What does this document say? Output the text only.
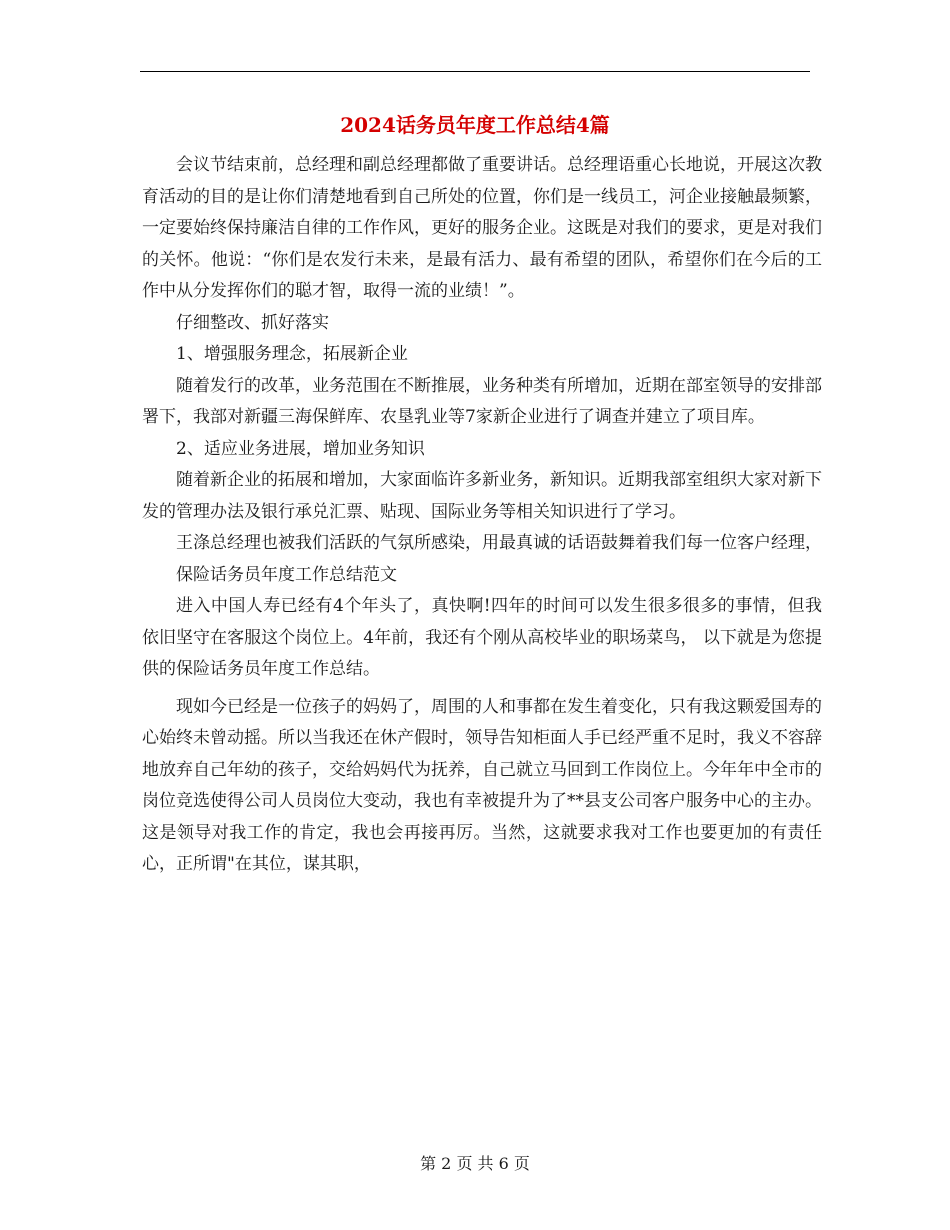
2024话务员年度工作总结4篇

会议节结束前，总经理和副总经理都做了重要讲话。总经理语重心长地说，开展这次教育活动的目的是让你们清楚地看到自己所处的位置，你们是一线员工，河企业接触最频繁，一定要始终保持廉洁自律的工作作风，更好的服务企业。这既是对我们的要求，更是对我们的关怀。他说：“你们是农发行未来，是最有活力、最有希望的团队，希望你们在今后的工作中从分发挥你们的聪才智，取得一流的业绩！”。

仔细整改、抓好落实

1、增强服务理念，拓展新企业

随着发行的改革，业务范围在不断推展，业务种类有所增加，近期在部室领导的安排部署下，我部对新疆三海保鲜库、农垦乳业等7家新企业进行了调查并建立了项目库。

2、适应业务进展，增加业务知识

随着新企业的拓展和增加，大家面临许多新业务，新知识。近期我部室组织大家对新下发的管理办法及银行承兑汇票、贴现、国际业务等相关知识进行了学习。

王涤总经理也被我们活跃的气氛所感染，用最真诚的话语鼓舞着我们每一位客户经理，

保险话务员年度工作总结范文

进入中国人寿已经有4个年头了，真快啊!四年的时间可以发生很多很多的事情，但我依旧坚守在客服这个岗位上。4年前，我还有个刚从高校毕业的职场菜鸟， 以下就是为您提供的保险话务员年度工作总结。

现如今已经是一位孩子的妈妈了，周围的人和事都在发生着变化，只有我这颗爱国寿的心始终未曾动摇。所以当我还在休产假时，领导告知柜面人手已经严重不足时，我义不容辞地放弃自己年幼的孩子，交给妈妈代为抚养，自己就立马回到工作岗位上。今年年中全市的岗位竞选使得公司人员岗位大变动，我也有幸被提升为了**县支公司客户服务中心的主办。这是领导对我工作的肯定，我也会再接再厉。当然，这就要求我对工作也要更加的有责任心，正所谓"在其位，谋其职，

第 2 页 共 6 页
